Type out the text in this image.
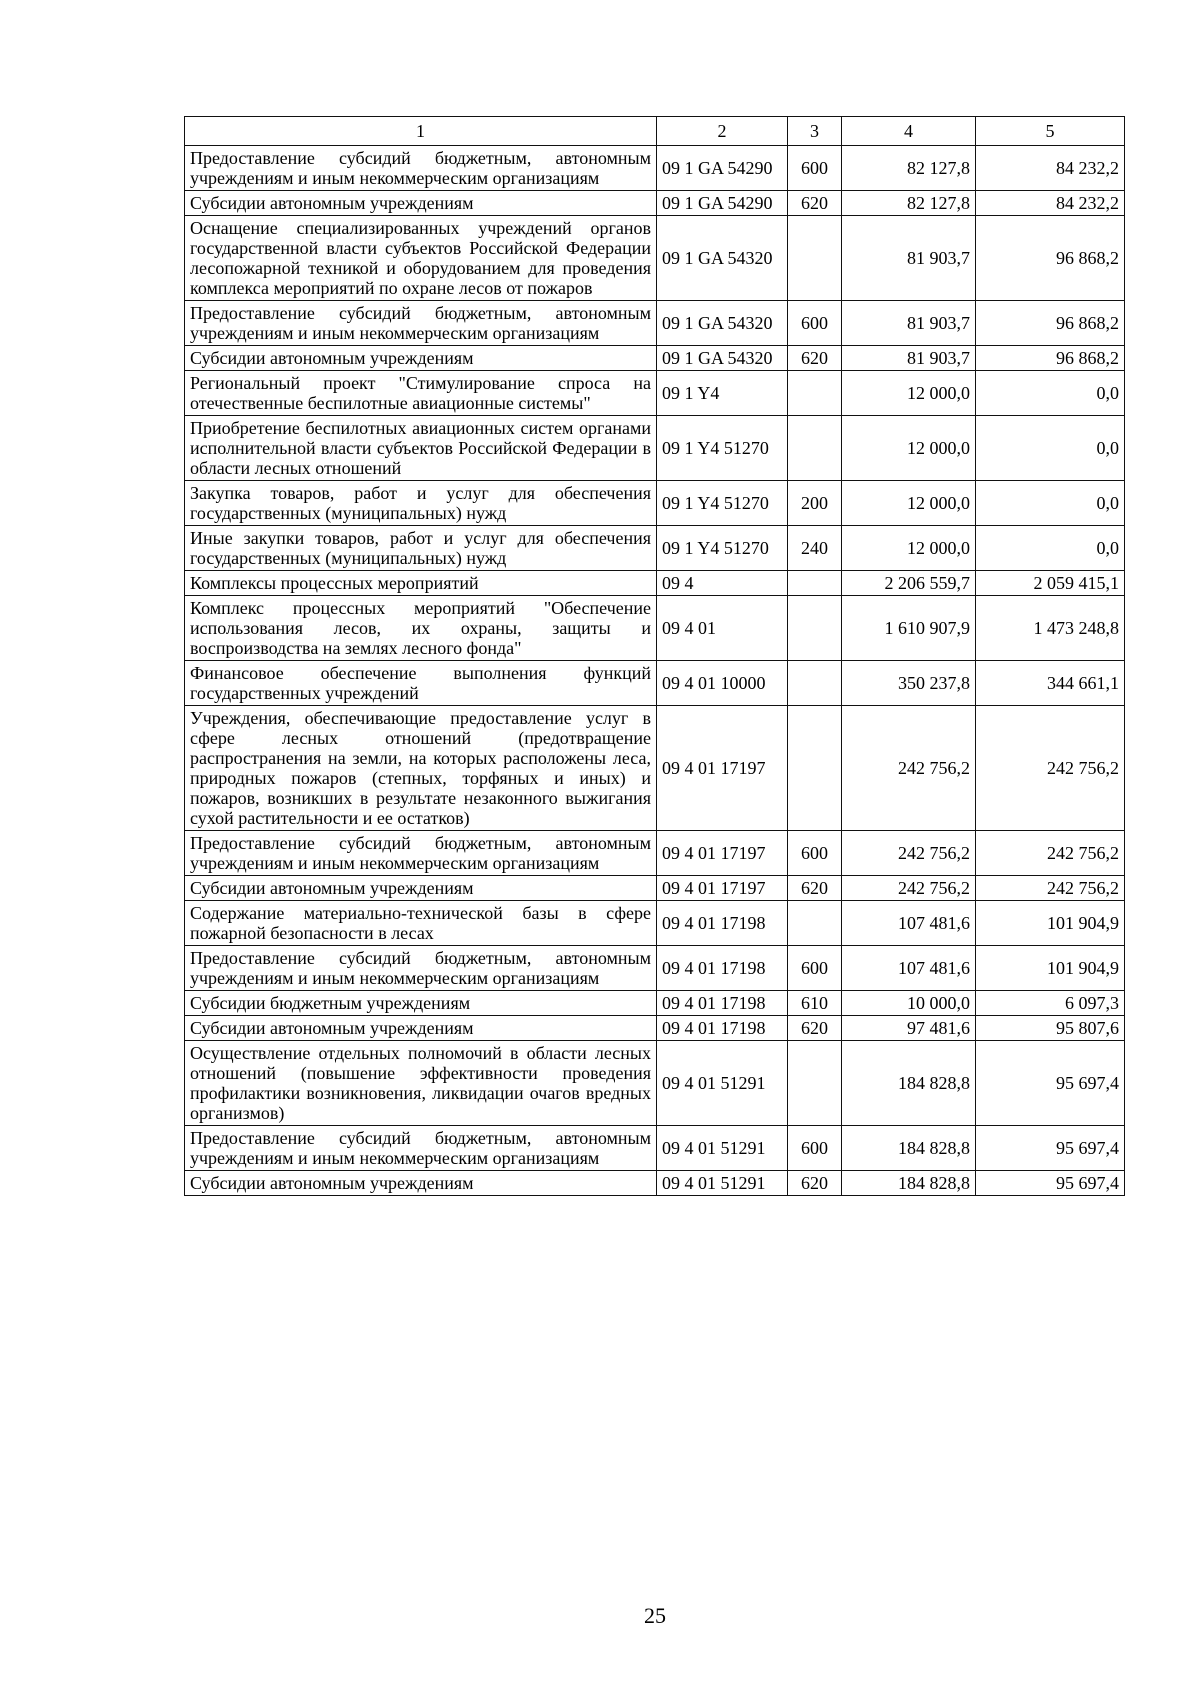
1	2	3	4	5
Предоставление субсидий бюджетным, автономным учреждениям и иным некоммерческим организациям	09 1 GA 54290	600	82 127,8	84 232,2
Субсидии автономным учреждениям	09 1 GA 54290	620	82 127,8	84 232,2
Оснащение специализированных учреждений органов государственной власти субъектов Российской Федерации лесопожарной техникой и оборудованием для проведения комплекса мероприятий по охране лесов от пожаров	09 1 GA 54320		81 903,7	96 868,2
Предоставление субсидий бюджетным, автономным учреждениям и иным некоммерческим организациям	09 1 GA 54320	600	81 903,7	96 868,2
Субсидии автономным учреждениям	09 1 GA 54320	620	81 903,7	96 868,2
Региональный проект "Стимулирование спроса на отечественные беспилотные авиационные системы"	09 1 Y4		12 000,0	0,0
Приобретение беспилотных авиационных систем органами исполнительной власти субъектов Российской Федерации в области лесных отношений	09 1 Y4 51270		12 000,0	0,0
Закупка товаров, работ и услуг для обеспечения государственных (муниципальных) нужд	09 1 Y4 51270	200	12 000,0	0,0
Иные закупки товаров, работ и услуг для обеспечения государственных (муниципальных) нужд	09 1 Y4 51270	240	12 000,0	0,0
Комплексы процессных мероприятий	09 4		2 206 559,7	2 059 415,1
Комплекс процессных мероприятий "Обеспечение использования лесов, их охраны, защиты и воспроизводства на землях лесного фонда"	09 4 01		1 610 907,9	1 473 248,8
Финансовое обеспечение выполнения функций государственных учреждений	09 4 01 10000		350 237,8	344 661,1
Учреждения, обеспечивающие предоставление услуг в сфере лесных отношений (предотвращение распространения на земли, на которых расположены леса, природных пожаров (степных, торфяных и иных) и пожаров, возникших в результате незаконного выжигания сухой растительности и ее остатков)	09 4 01 17197		242 756,2	242 756,2
Предоставление субсидий бюджетным, автономным учреждениям и иным некоммерческим организациям	09 4 01 17197	600	242 756,2	242 756,2
Субсидии автономным учреждениям	09 4 01 17197	620	242 756,2	242 756,2
Содержание материально-технической базы в сфере пожарной безопасности в лесах	09 4 01 17198		107 481,6	101 904,9
Предоставление субсидий бюджетным, автономным учреждениям и иным некоммерческим организациям	09 4 01 17198	600	107 481,6	101 904,9
Субсидии бюджетным учреждениям	09 4 01 17198	610	10 000,0	6 097,3
Субсидии автономным учреждениям	09 4 01 17198	620	97 481,6	95 807,6
Осуществление отдельных полномочий в области лесных отношений (повышение эффективности проведения профилактики возникновения, ликвидации очагов вредных организмов)	09 4 01 51291		184 828,8	95 697,4
Предоставление субсидий бюджетным, автономным учреждениям и иным некоммерческим организациям	09 4 01 51291	600	184 828,8	95 697,4
Субсидии автономным учреждениям	09 4 01 51291	620	184 828,8	95 697,4
25
